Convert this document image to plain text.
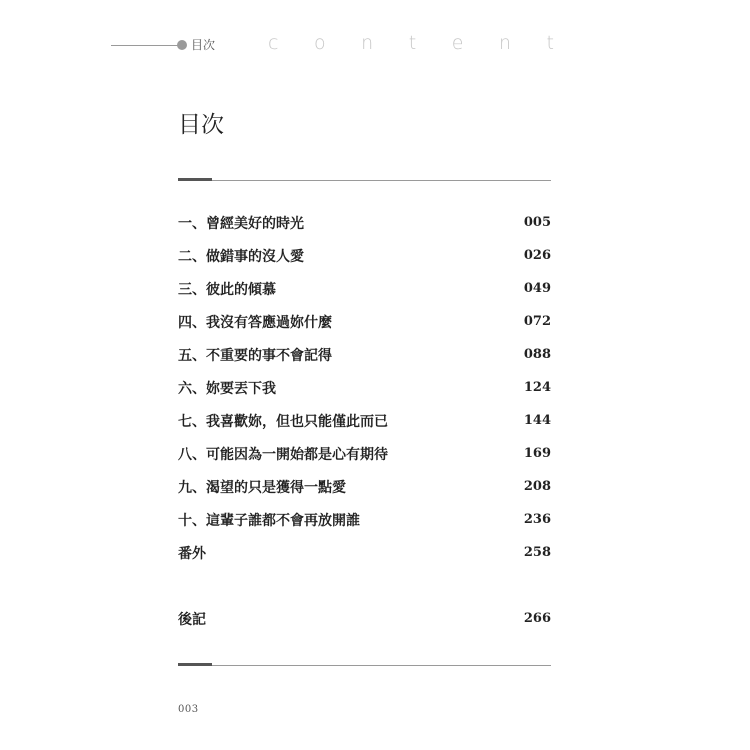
目次	c o n t e n t
目次
一、曾經美好的時光	005
二、做錯事的沒人愛	026
三、彼此的傾慕	049
四、我沒有答應過妳什麼	072
五、不重要的事不會記得	088
六、妳要丟下我	124
七、我喜歡妳，但也只能僅此而已	144
八、可能因為一開始都是心有期待	169
九、渴望的只是獲得一點愛	208
十、這輩子誰都不會再放開誰	236
番外	258
後記	266
003
